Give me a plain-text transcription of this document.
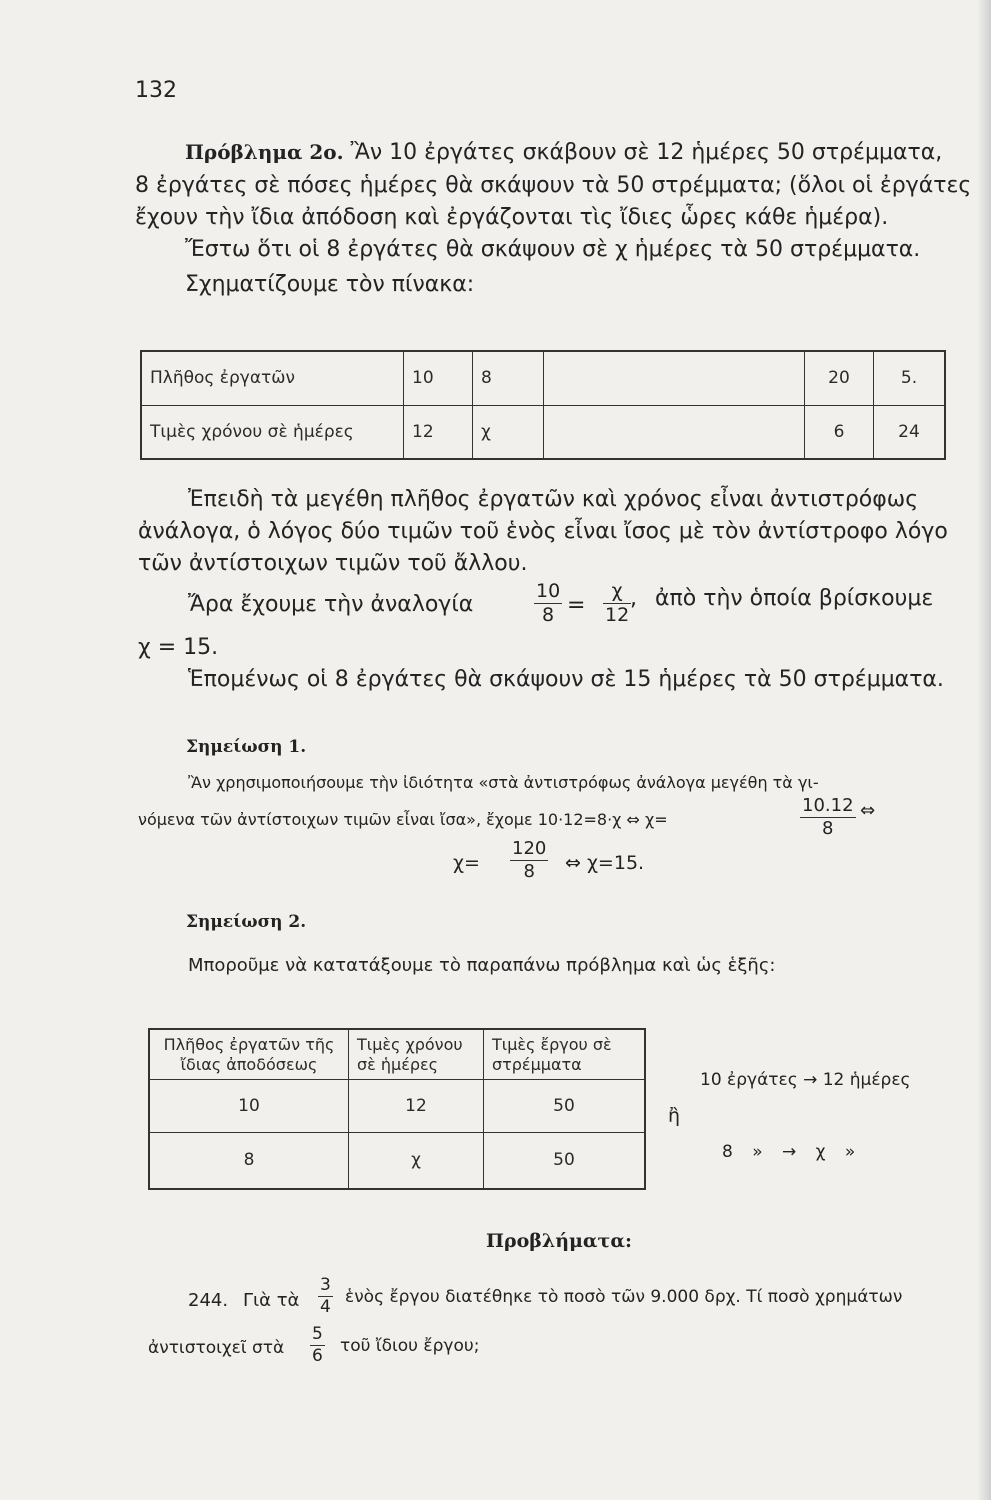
132
Πρόβλημα 2ο. Ἂν 10 ἐργάτες σκάβουν σὲ 12 ἡμέρες 50 στρέμματα,
8 ἐργάτες σὲ πόσες ἡμέρες θὰ σκάψουν τὰ 50 στρέμματα; (ὅλοι οἱ ἐργάτες
ἔχουν τὴν ἴδια ἀπόδοση καὶ ἐργάζονται τὶς ἴδιες ὧρες κάθε ἡμέρα).
Ἔστω ὅτι οἱ 8 ἐργάτες θὰ σκάψουν σὲ χ ἡμέρες τὰ 50 στρέμματα.
Σχηματίζουμε τὸν πίνακα:
Πλῆθος ἐργατῶν	10	8		20	5.
Τιμὲς χρόνου σὲ ἡμέρες	12	χ		6	24
Ἐπειδὴ τὰ μεγέθη πλῆθος ἐργατῶν καὶ χρόνος εἶναι ἀντιστρόφως
ἀνάλογα, ὁ λόγος δύο τιμῶν τοῦ ἑνὸς εἶναι ἴσος μὲ τὸν ἀντίστροφο λόγο
τῶν ἀντίστοιχων τιμῶν τοῦ ἄλλου.
Ἄρα ἔχουμε τὴν ἀναλογία
10
8 =
χ
12
, ἀπὸ τὴν ὁποία βρίσκουμε
χ = 15.
Ἑπομένως οἱ 8 ἐργάτες θὰ σκάψουν σὲ 15 ἡμέρες τὰ 50 στρέμματα.
Σημείωση 1.
Ἂν χρησιμοποιήσουμε τὴν ἰδιότητα «στὰ ἀντιστρόφως ἀνάλογα μεγέθη τὰ γι-
νόμενα τῶν ἀντίστοιχων τιμῶν εἶναι ἴσα», ἔχομε 10·12=8·χ ⇔ χ=
10.12
8
⇔
χ=
120
8 ⇔ χ=15.
Σημείωση 2.
Μποροῦμε νὰ κατατάξουμε τὸ παραπάνω πρόβλημα καὶ ὡς ἑξῆς:
Πλῆθος ἐργατῶν τῆς ἴδιας ἀποδόσεως	Τιμὲς χρόνου σὲ ἡμέρες	Τιμὲς ἔργου σὲ στρέμματα
10	12	50
8	χ	50
ἢ
10 ἐργάτες → 12 ἡμέρες
8 » → χ »
Προβλήματα:
244. Γιὰ τὰ
3
4 ἑνὸς ἔργου διατέθηκε τὸ ποσὸ τῶν 9.000 δρχ. Τί ποσὸ χρημάτων
ἀντιστοιχεῖ στὰ
5
6 τοῦ ἴδιου ἔργου;
